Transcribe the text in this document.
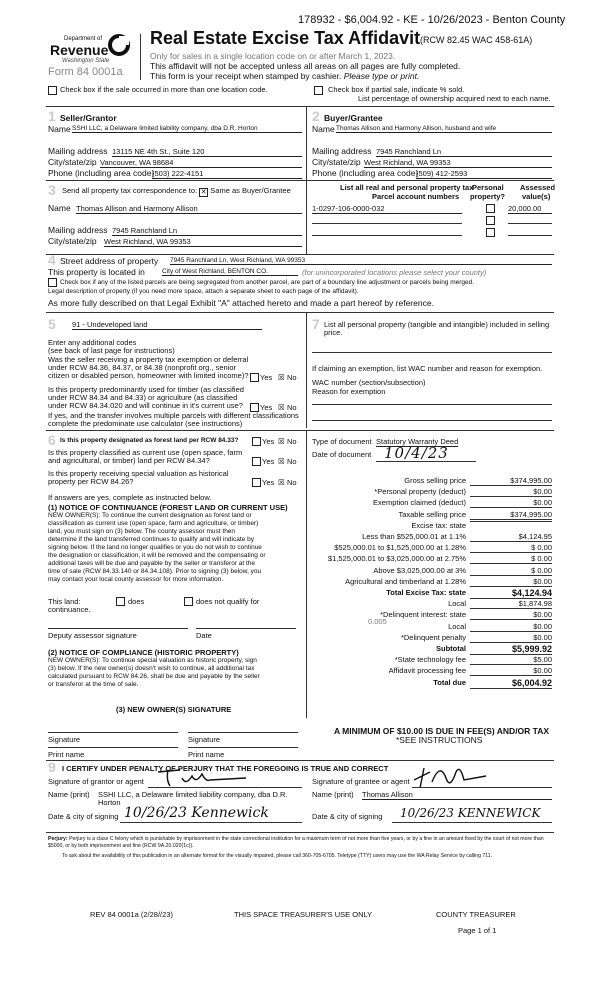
178932 - $6,004.92 - KE - 10/26/2023 - Benton County
Department of
Revenue
Washington State
Form 84 0001a
Real Estate Excise Tax Affidavit (RCW 82.45 WAC 458-61A)
Only for sales in a single location code on or after March 1, 2023.
This affidavit will not be accepted unless all areas on all pages are fully completed.
This form is your receipt when stamped by cashier. Please type or print.
Check box if the sale occurred in more than one location code.	Check box if partial sale, indicate % sold.
List percentage of ownership acquired next to each name.
1	2
Seller/Grantor	Buyer/Grantee
Name SSHI LLC, a Delaware limited liability company, dba D.R. Horton	Name Thomas Allison and Harmony Allison, husband and wife
Mailing address 13115 NE 4th St., Suite 120	Mailing address 7945 Ranchland Ln
City/state/zip Vancouver, WA 98684	City/state/zip West Richland, WA 99353
Phone (including area code)
(503) 222-4151	Phone (including area code)
(509) 412-2593
3 Send all property tax correspondence to: ✕ Same as Buyer/Grantee	List all real and personal property tax
Parcel account numbers
Personal
property?
Assessed
value(s)
1-0297-106-0000-032	20,000.00
Name Thomas Allison and Harmony Allison
Mailing address 7945 Ranchland Ln
City/state/zip West Richland, WA 99353
4 Street address of property 7945 Ranchland Ln, West Richland, WA 99353
This property is located in	City of West Richland, BENTON CO.	(for unincorporated locations please select your county)
Check box if any of the listed parcels are being segregated from another parcel, are part of a boundary line adjustment or parcels being merged.
Legal description of property (if you need more space, attach a separate sheet to each page of the affidavit).
As more fully described on that Legal Exhibit "A" attached hereto and made a part hereof by reference.
5 91 - Undeveloped land
Enter any additional codes
(see back of last page for instructions)
Was the seller receiving a property tax exemption or deferral
under RCW 84.36, 84.37, or 84.38 (nonprofit org., senior
citizen or disabled person, homeowner with limited income)? Yes ☒ No
Is this property predominantly used for timber (as classified
under RCW 84.34 and 84.33) or agriculture (as classified
under RCW 84.34.020 and will continue in it's current use? Yes ☒ No
If yes, and the transfer involves multiple parcels with different classifications
complete the predominate use calculator (see instructions)
7 List all personal property (tangible and intangible) included in selling
price.
If claiming an exemption, list WAC number and reason for exemption.
WAC number (section/subsection)
Reason for exemption
6 Is this property designated as forest land per RCW 84.33?	Yes ☒ No
Is this property classified as current use (open space, farm
and agricultural, or timber) land per RCW 84.34?	Yes ☒ No
Is this property receiving special valuation as historical
property per RCW 84.26?	Yes ☒ No
If answers are yes, complete as instructed below.
(1) NOTICE OF CONTINUANCE (FOREST LAND OR CURRENT USE)
NEW OWNER(S): To continue the current designation as forest land or
classification as current use (open space, farm and agriculture, or timber)
land, you must sign on (3) below. The county assessor must then
determine if the land transferred continues to qualify and will indicate by
signing below. If the land no longer qualifies or you do not wish to continue
the designation or classification, it will be removed and the compensating or
additional taxes will be due and payable by the seller or transferor at the
time of sale (RCW 84.33.140 or 84.34.108). Prior to signing (3) below, you
may contact your local county assessor for more information.
This land:
continuance.
does	does not qualify for
Deputy assessor signature	Date
(2) NOTICE OF COMPLIANCE (HISTORIC PROPERTY)
NEW OWNER(S): To continue special valuation as historic property, sign
(3) below. If the new owner(s) doesn't wish to continue, all additional tax
calculated pursuant to RCW 84.26, shall be due and payable by the seller
or transferor at the time of sale.
(3) NEW OWNER(S) SIGNATURE
Signature	Signature
Print name	Print name
Type of document Statutory Warranty Deed
Date of document 10/4/23
Gross selling price	$374,995.00
*Personal property (deduct)	$0.00
Exemption claimed (deduct)	$0.00
Taxable selling price	$374,995.00
Excise tax: state
Less than $525,000.01 at 1.1%	$4,124.95
$525,000.01 to $1,525,000.00 at 1.28%	$ 0.00
$1,525,000.01 to $3,025,000.00 at 2.75%	$ 0.00
Above $3,025,000.00 at 3%	$ 0.00
Agricultural and timberland at 1.28%	$0.00
Total Excise Tax: state	$4,124.94
Local	$1,874.98
*Delinquent interest: state	$0.00
Local	$0.00
*Delinquent penalty	$0.00
Subtotal	$5,999.92
*State technology fee	$5.00
Affidavit processing fee	$0.00
Total due	$6,004.92
0.005
A MINIMUM OF $10.00 IS DUE IN FEE(S) AND/OR TAX
*SEE INSTRUCTIONS
9 I CERTIFY UNDER PENALTY OF PERJURY THAT THE FOREGOING IS TRUE AND CORRECT
Signature of grantor or agent	Signature of grantee or agent
Name (print) SSHI LLC, a Delaware limited liability company, dba D.R.
Horton
Name (print) Thomas Allison
Date & city of signing 10/26/23 Kennewick	Date & city of signing 10/26/23 KENNEWICK
Perjury: Perjury is a class C felony which is punishable by imprisonment in the state correctional institution for a maximum term of not more than five years, or by a fine in an amount fixed by the court of not more than $5000, or by both imprisonment and fine (RCW 9A.20.020(1c)).
To ask about the availability of this publication in an alternate format for the visually impaired, please call 360-705-6705. Teletype (TTY) users may use the WA Relay Service by calling 711.
REV 84 0001a (2/28//23)	THIS SPACE TREASURER'S USE ONLY	COUNTY TREASURER
Page 1 of 1
